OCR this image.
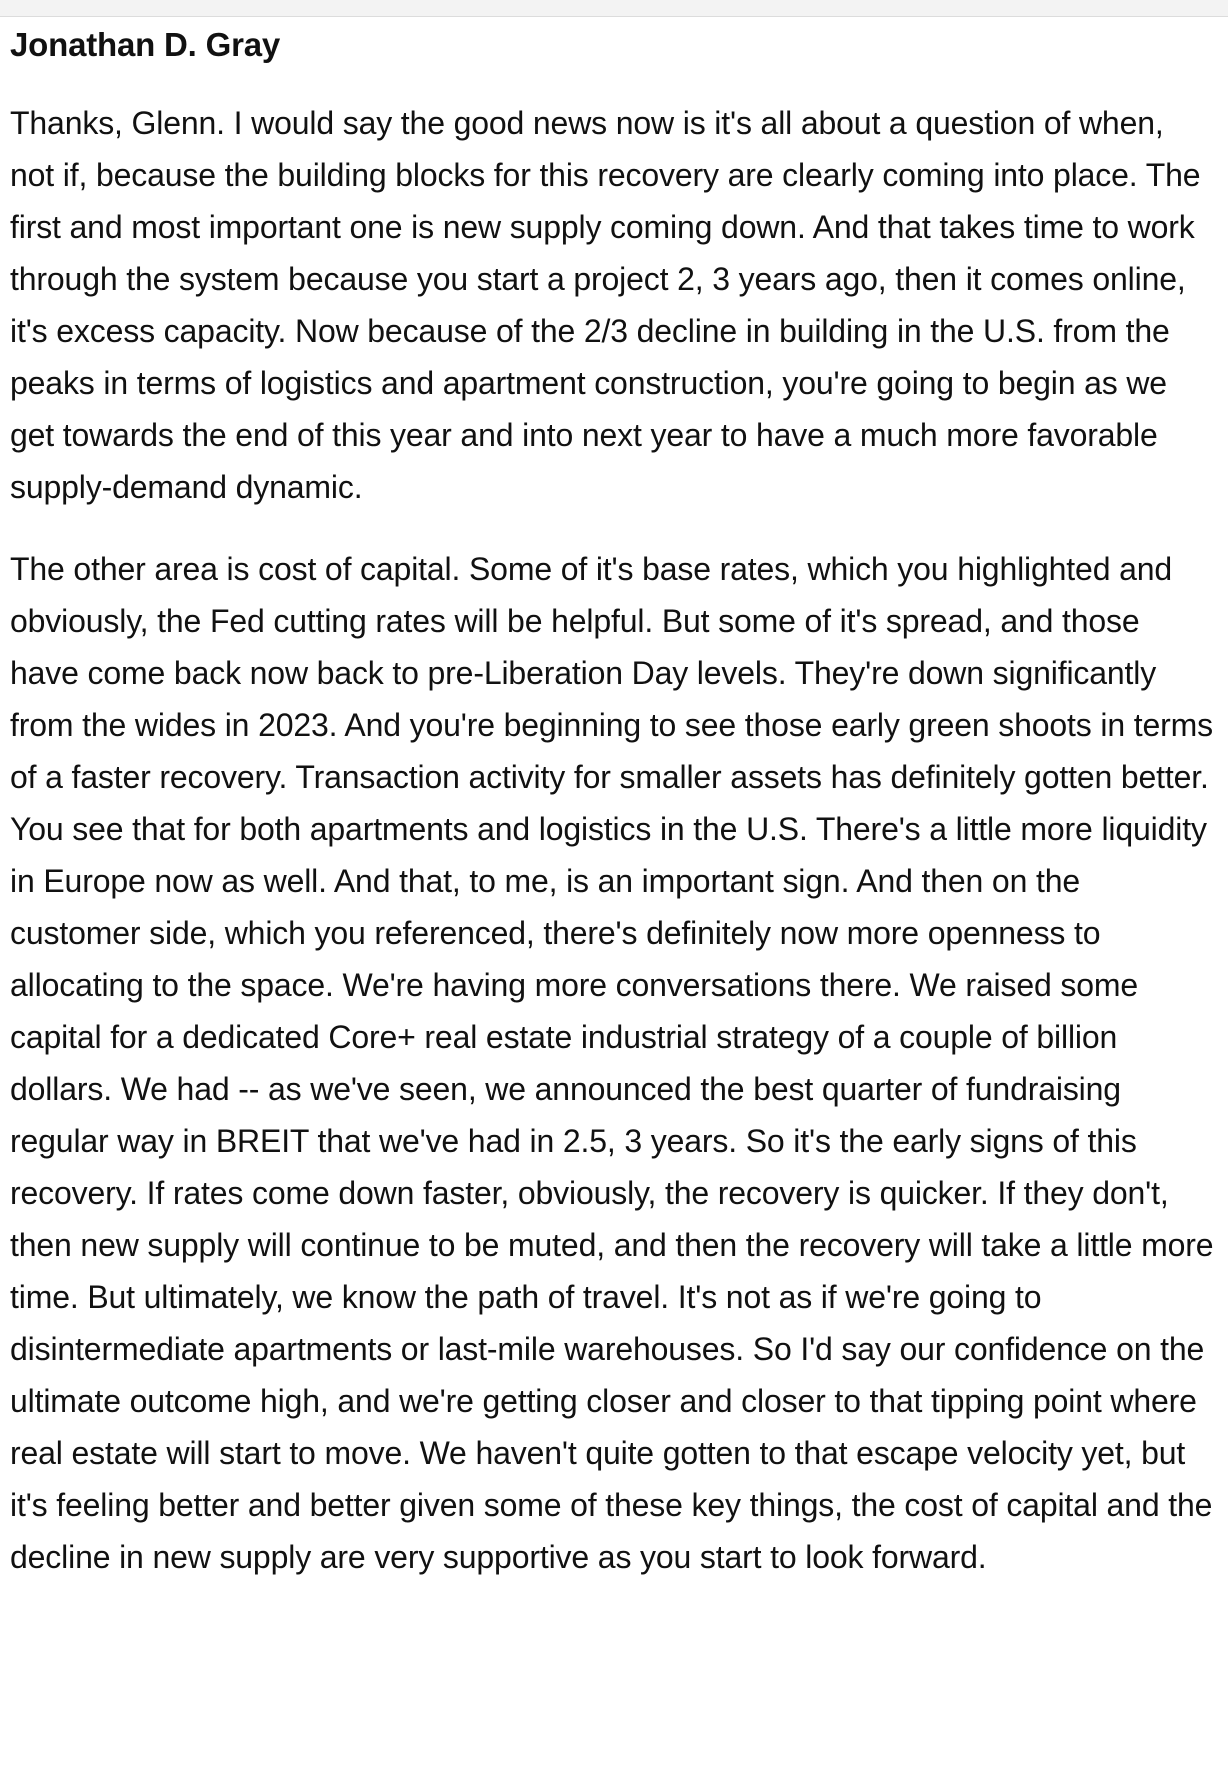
Jonathan D. Gray

Thanks, Glenn. I would say the good news now is it's all about a question of when, not if, because the building blocks for this recovery are clearly coming into place. The first and most important one is new supply coming down. And that takes time to work through the system because you start a project 2, 3 years ago, then it comes online, it's excess capacity. Now because of the 2/3 decline in building in the U.S. from the peaks in terms of logistics and apartment construction, you're going to begin as we get towards the end of this year and into next year to have a much more favorable supply-demand dynamic.

The other area is cost of capital. Some of it's base rates, which you highlighted and obviously, the Fed cutting rates will be helpful. But some of it's spread, and those have come back now back to pre-Liberation Day levels. They're down significantly from the wides in 2023. And you're beginning to see those early green shoots in terms of a faster recovery. Transaction activity for smaller assets has definitely gotten better. You see that for both apartments and logistics in the U.S. There's a little more liquidity in Europe now as well. And that, to me, is an important sign. And then on the customer side, which you referenced, there's definitely now more openness to allocating to the space. We're having more conversations there. We raised some capital for a dedicated Core+ real estate industrial strategy of a couple of billion dollars. We had -- as we've seen, we announced the best quarter of fundraising regular way in BREIT that we've had in 2.5, 3 years. So it's the early signs of this recovery. If rates come down faster, obviously, the recovery is quicker. If they don't, then new supply will continue to be muted, and then the recovery will take a little more time. But ultimately, we know the path of travel. It's not as if we're going to disintermediate apartments or last-mile warehouses. So I'd say our confidence on the ultimate outcome high, and we're getting closer and closer to that tipping point where real estate will start to move. We haven't quite gotten to that escape velocity yet, but it's feeling better and better given some of these key things, the cost of capital and the decline in new supply are very supportive as you start to look forward.
